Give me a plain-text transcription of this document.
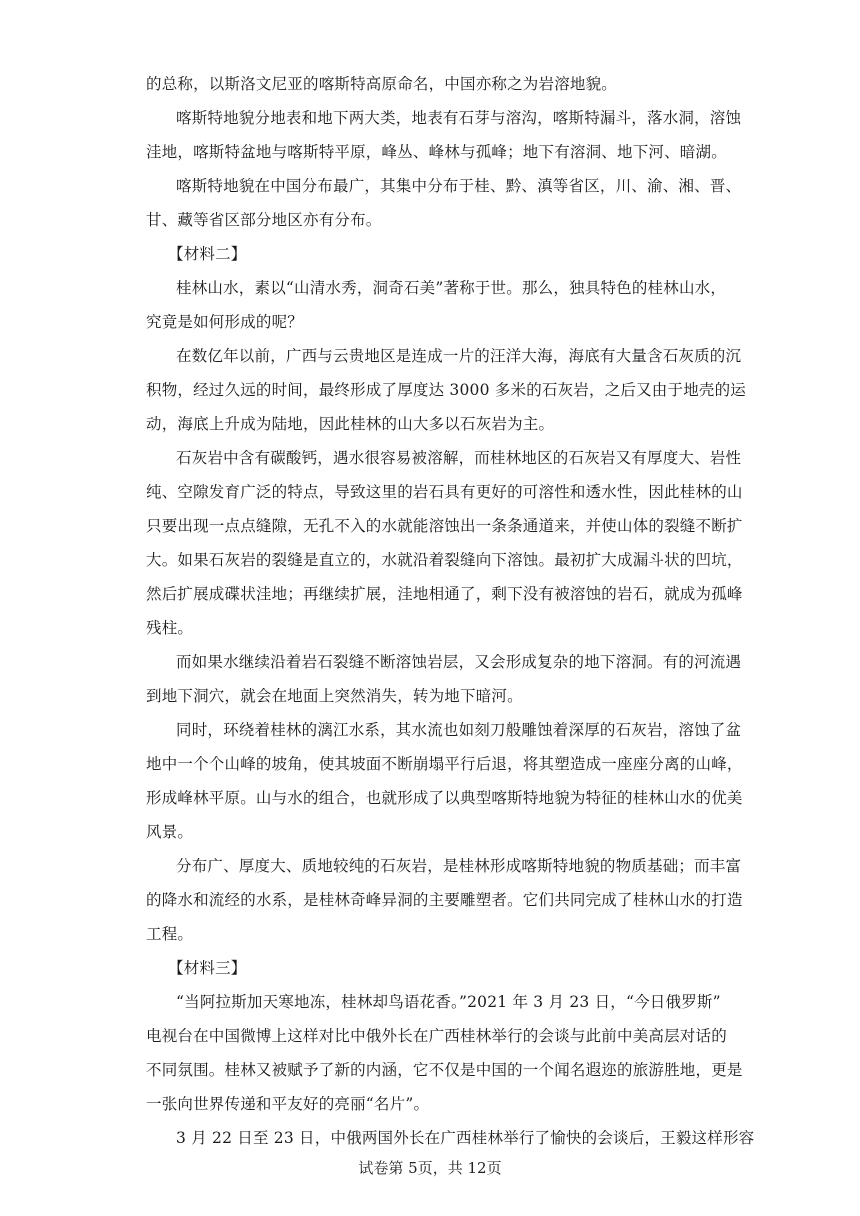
的总称，以斯洛文尼亚的喀斯特高原命名，中国亦称之为岩溶地貌。
喀斯特地貌分地表和地下两大类，地表有石芽与溶沟，喀斯特漏斗，落水洞，溶蚀
洼地，喀斯特盆地与喀斯特平原，峰丛、峰林与孤峰；地下有溶洞、地下河、暗湖。
喀斯特地貌在中国分布最广，其集中分布于桂、黔、滇等省区，川、渝、湘、晋、
甘、藏等省区部分地区亦有分布。
【材料二】
桂林山水，素以“山清水秀，洞奇石美”著称于世。那么，独具特色的桂林山水，
究竟是如何形成的呢？
在数亿年以前，广西与云贵地区是连成一片的汪洋大海，海底有大量含石灰质的沉
积物，经过久远的时间，最终形成了厚度达 3000 多米的石灰岩，之后又由于地壳的运
动，海底上升成为陆地，因此桂林的山大多以石灰岩为主。
石灰岩中含有碳酸钙，遇水很容易被溶解，而桂林地区的石灰岩又有厚度大、岩性
纯、空隙发育广泛的特点，导致这里的岩石具有更好的可溶性和透水性，因此桂林的山
只要出现一点点缝隙，无孔不入的水就能溶蚀出一条条通道来，并使山体的裂缝不断扩
大。如果石灰岩的裂缝是直立的，水就沿着裂缝向下溶蚀。最初扩大成漏斗状的凹坑，
然后扩展成碟状洼地；再继续扩展，洼地相通了，剩下没有被溶蚀的岩石，就成为孤峰
残柱。
而如果水继续沿着岩石裂缝不断溶蚀岩层，又会形成复杂的地下溶洞。有的河流遇
到地下洞穴，就会在地面上突然消失，转为地下暗河。
同时，环绕着桂林的漓江水系，其水流也如刻刀般雕蚀着深厚的石灰岩，溶蚀了盆
地中一个个山峰的坡角，使其坡面不断崩塌平行后退，将其塑造成一座座分离的山峰，
形成峰林平原。山与水的组合，也就形成了以典型喀斯特地貌为特征的桂林山水的优美
风景。
分布广、厚度大、质地较纯的石灰岩，是桂林形成喀斯特地貌的物质基础；而丰富
的降水和流经的水系，是桂林奇峰异洞的主要雕塑者。它们共同完成了桂林山水的打造
工程。
【材料三】
“当阿拉斯加天寒地冻，桂林却鸟语花香。”2021 年 3 月 23 日，“今日俄罗斯”
电视台在中国微博上这样对比中俄外长在广西桂林举行的会谈与此前中美高层对话的
不同氛围。桂林又被赋予了新的内涵，它不仅是中国的一个闻名遐迩的旅游胜地，更是
一张向世界传递和平友好的亮丽“名片”。
3 月 22 日至 23 日，中俄两国外长在广西桂林举行了愉快的会谈后，王毅这样形容
试卷第 5页，共 12页
